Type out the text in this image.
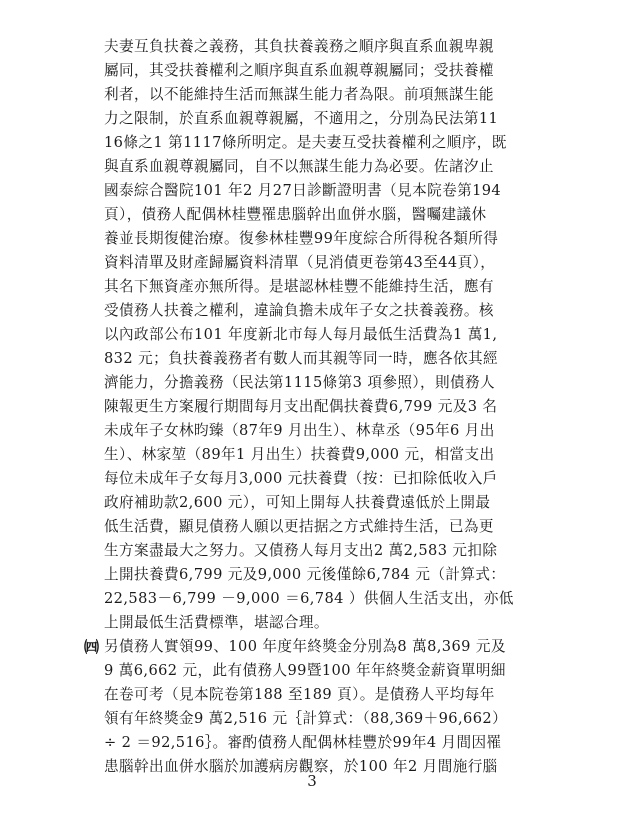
夫妻互負扶養之義務，其負扶養義務之順序與直系血親卑親
屬同，其受扶養權利之順序與直系血親尊親屬同；受扶養權
利者，以不能維持生活而無謀生能力者為限。前項無謀生能
力之限制，於直系血親尊親屬，不適用之，分別為民法第11
16條之1 第1117條所明定。是夫妻互受扶養權利之順序，既
與直系血親尊親屬同，自不以無謀生能力為必要。佐諸汐止
國泰綜合醫院101 年2 月27日診斷證明書（見本院卷第194
頁），債務人配偶林桂豐罹患腦幹出血併水腦，醫囑建議休
養並長期復健治療。復參林桂豐99年度綜合所得稅各類所得
資料清單及財產歸屬資料清單（見消債更卷第43至44頁），
其名下無資產亦無所得。是堪認林桂豐不能維持生活，應有
受債務人扶養之權利，違論負擔未成年子女之扶養義務。核
以內政部公布101 年度新北市每人每月最低生活費為1 萬1,
832 元；負扶養義務者有數人而其親等同一時，應各依其經
濟能力，分擔義務（民法第1115條第3 項參照），則債務人
陳報更生方案履行期間每月支出配偶扶養費6,799 元及3 名
未成年子女林昀臻（87年9 月出生）、林韋丞（95年6 月出
生）、林家堃（89年1 月出生）扶養費9,000 元，相當支出
每位未成年子女每月3,000 元扶養費（按：已扣除低收入戶
政府補助款2,600 元），可知上開每人扶養費遠低於上開最
低生活費，顯見債務人願以更拮据之方式維持生活，已為更
生方案盡最大之努力。又債務人每月支出2 萬2,583 元扣除
上開扶養費6,799 元及9,000 元後僅餘6,784 元（計算式：
22,583－6,799 －9,000 ＝6,784 ）供個人生活支出，亦低
上開最低生活費標準，堪認合理。
㈣ 另債務人實領99、100 年度年終獎金分別為8 萬8,369 元及
9 萬6,662 元，此有債務人99暨100 年年終獎金薪資單明細
在卷可考（見本院卷第188 至189 頁）。是債務人平均每年
領有年終獎金9 萬2,516 元｛計算式：（88,369＋96,662）
÷ 2 ＝92,516｝。審酌債務人配偶林桂豐於99年4 月間因罹
患腦幹出血併水腦於加護病房觀察，於100 年2 月間施行腦
3
